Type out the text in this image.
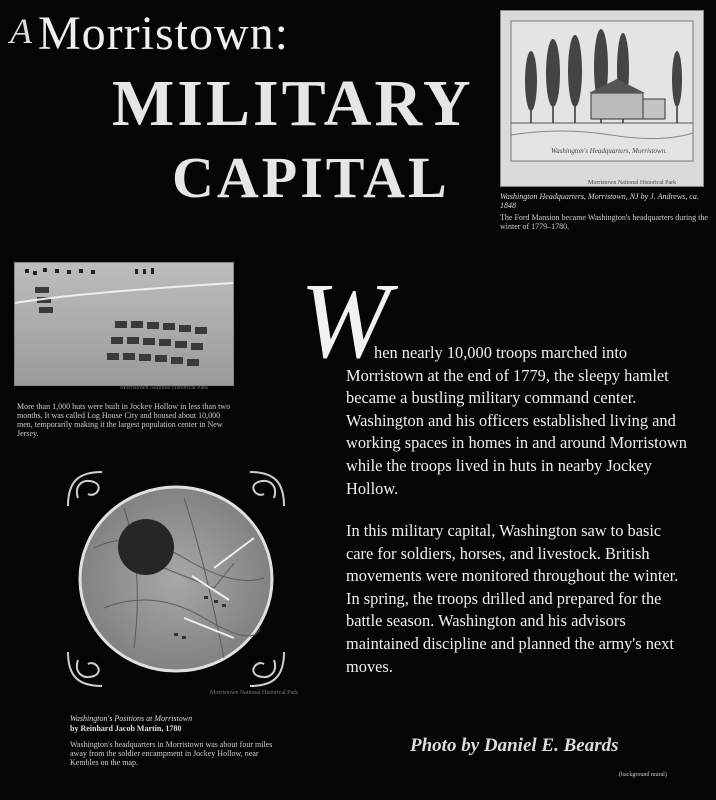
A Morristown:
MILITARY
CAPITAL	Washington's Headquarters, Morristown.
Morristown National Historical Park
Washington Headquarters, Morristown, NJ by J. Andrews, ca. 1848
The Ford Mansion became Washington's headquarters during the winter of 1779–1780.
Morristown National Historical Park
More than 1,000 huts were built in Jockey Hollow in less than two months. It was called Log House City and housed about 10,000 men, temporarily making it the largest population center in New Jersey.
Morristown National Historical Park
Washington's Positions at Morristown
by Reinhard Jacob Martin, 1780
Washington's headquarters in Morristown was about four miles away from the soldier encampment in Jockey Hollow, near Kembles on the map.
W
hen nearly 10,000 troops marched into Morristown at the end of 1779, the sleepy hamlet became a bustling military command center. Washington and his officers established living and working spaces in homes in and around Morristown while the troops lived in huts in nearby Jockey Hollow.
In this military capital, Washington saw to basic care for soldiers, horses, and livestock. British movements were monitored throughout the winter. In spring, the troops drilled and prepared for the battle season. Washington and his advisors maintained discipline and planned the army's next moves.
Photo by Daniel E. Beards
(background mural)
